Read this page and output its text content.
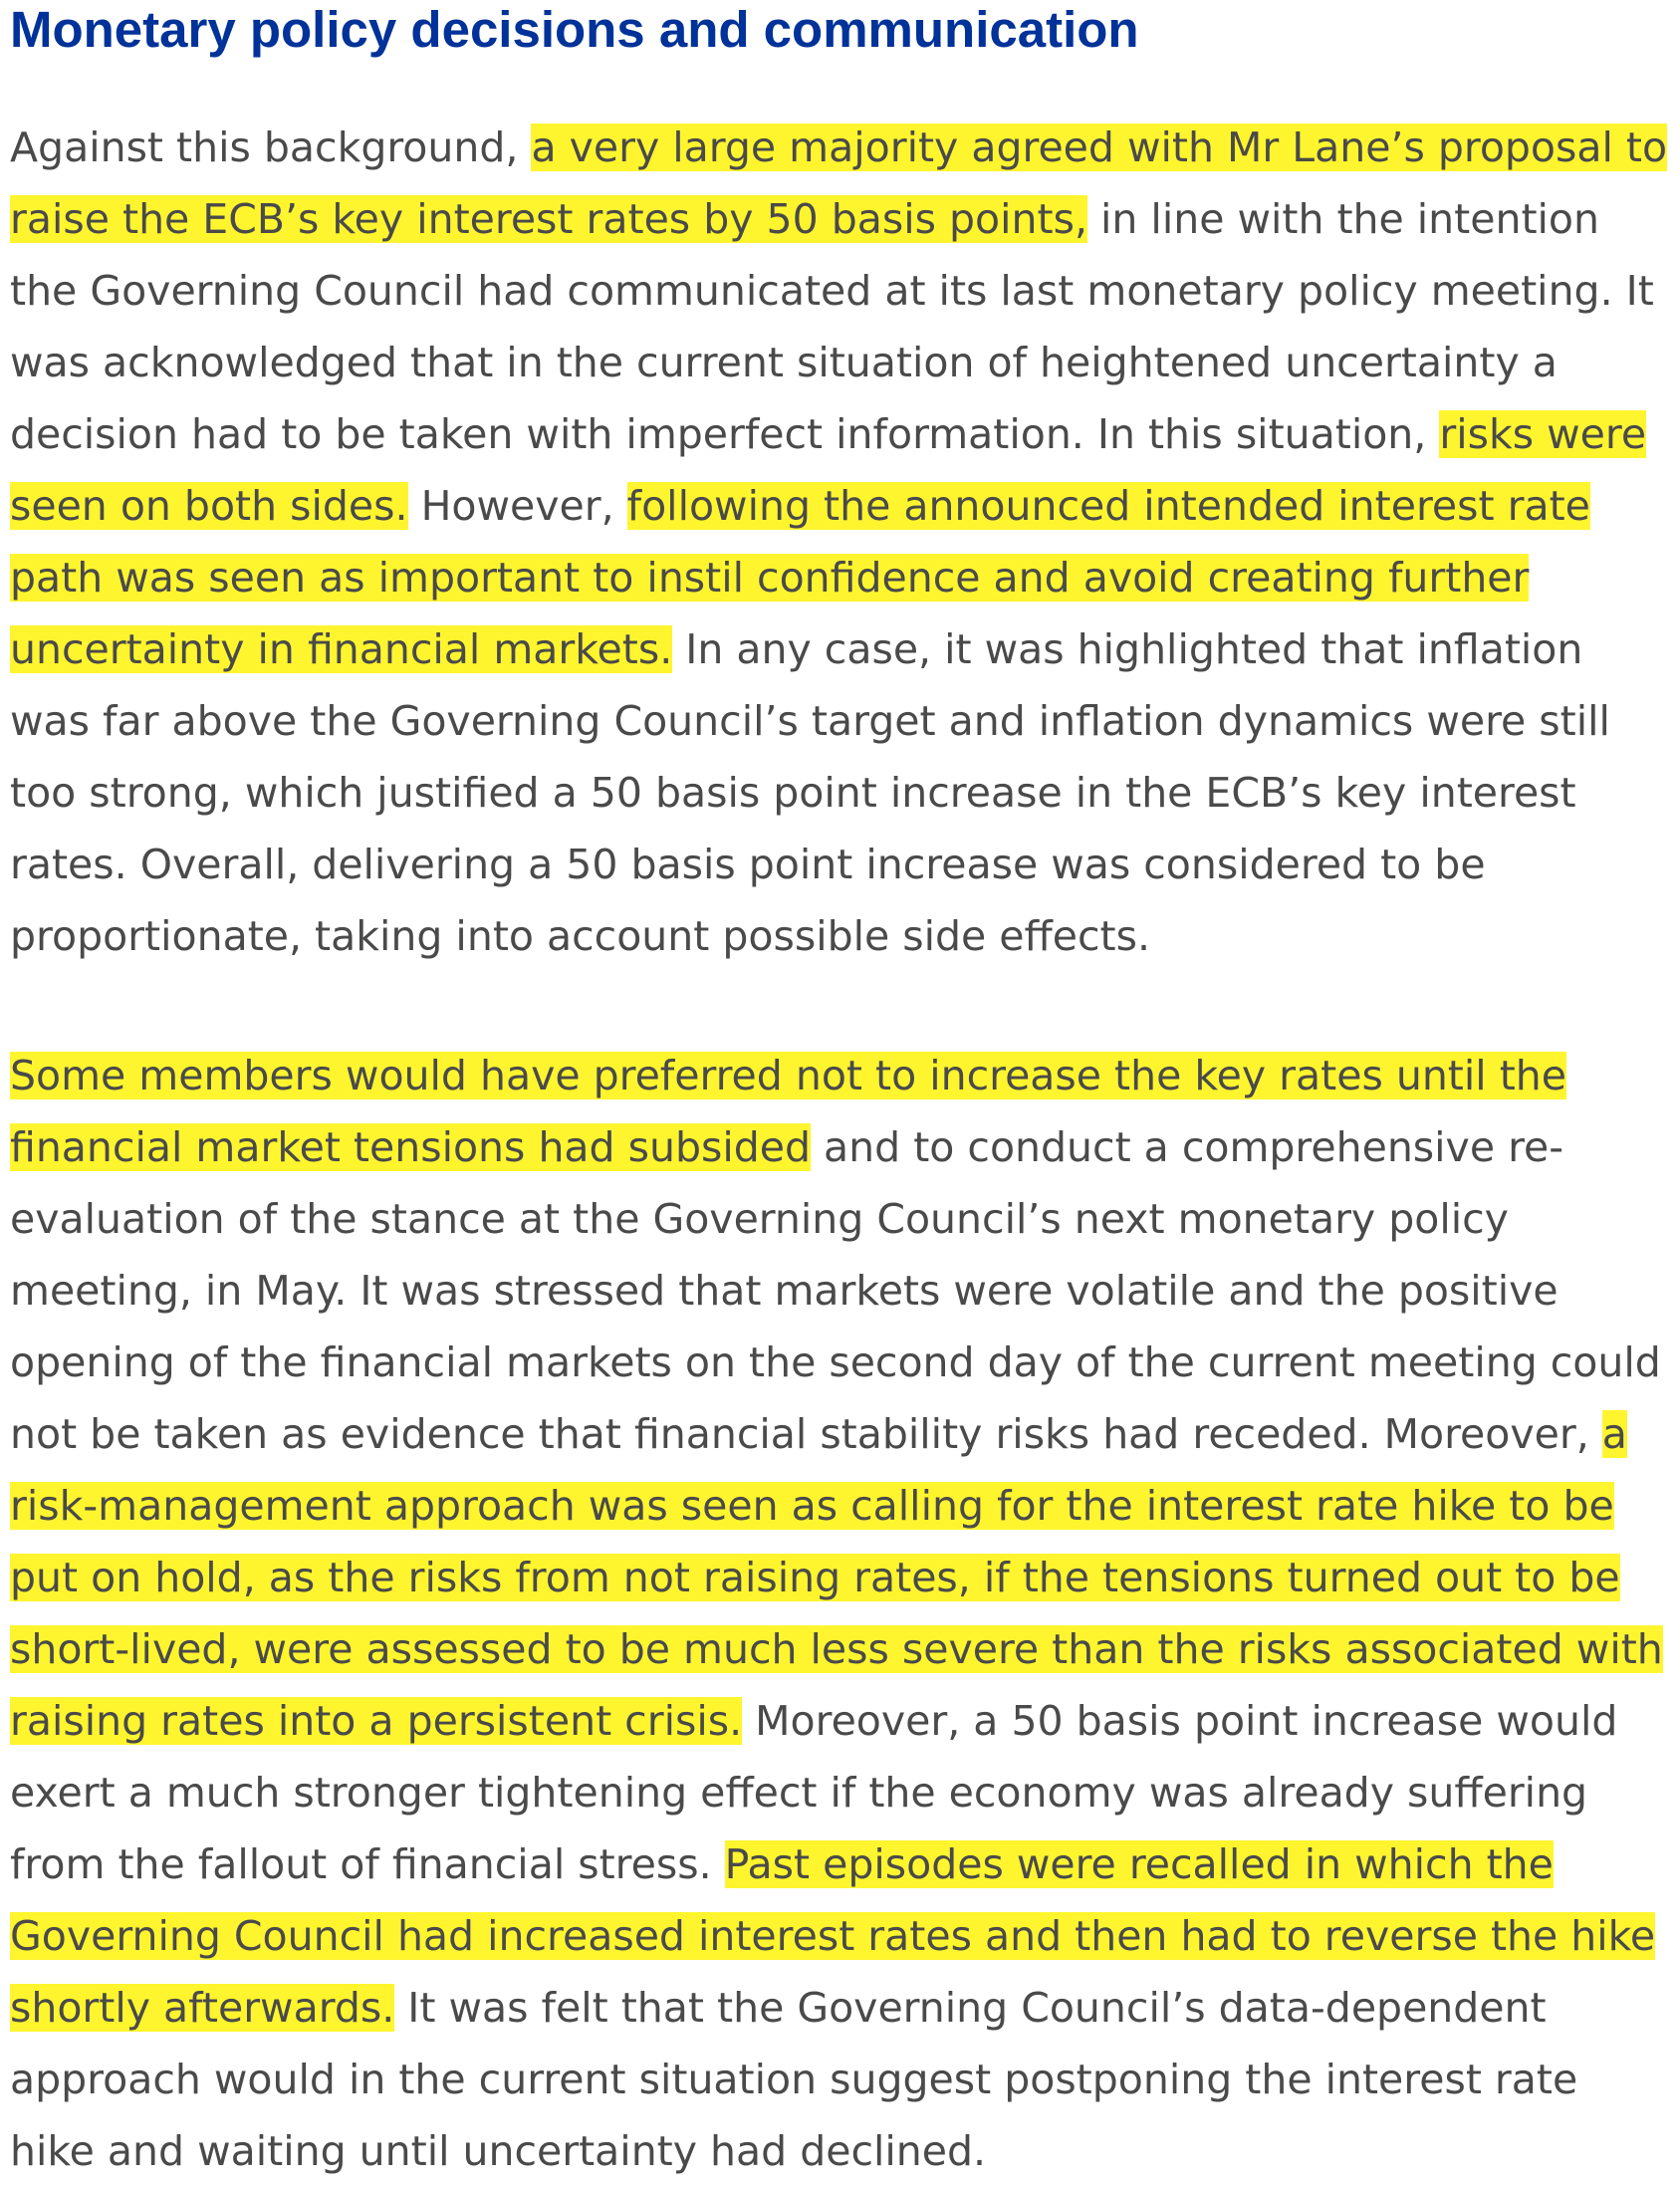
Monetary policy decisions and communication

Against this background, a very large majority agreed with Mr Lane’s proposal to raise the ECB’s key interest rates by 50 basis points, in line with the intention the Governing Council had communicated at its last monetary policy meeting. It was acknowledged that in the current situation of heightened uncertainty a decision had to be taken with imperfect information. In this situation, risks were seen on both sides. However, following the announced intended interest rate path was seen as important to instil confidence and avoid creating further uncertainty in financial markets. In any case, it was highlighted that inflation was far above the Governing Council’s target and inflation dynamics were still too strong, which justified a 50 basis point increase in the ECB’s key interest rates. Overall, delivering a 50 basis point increase was considered to be proportionate, taking into account possible side effects.

Some members would have preferred not to increase the key rates until the financial market tensions had subsided and to conduct a comprehensive re-evaluation of the stance at the Governing Council’s next monetary policy meeting, in May. It was stressed that markets were volatile and the positive opening of the financial markets on the second day of the current meeting could not be taken as evidence that financial stability risks had receded. Moreover, a risk-management approach was seen as calling for the interest rate hike to be put on hold, as the risks from not raising rates, if the tensions turned out to be short-lived, were assessed to be much less severe than the risks associated with raising rates into a persistent crisis. Moreover, a 50 basis point increase would exert a much stronger tightening effect if the economy was already suffering from the fallout of financial stress. Past episodes were recalled in which the Governing Council had increased interest rates and then had to reverse the hike shortly afterwards. It was felt that the Governing Council’s data-dependent approach would in the current situation suggest postponing the interest rate hike and waiting until uncertainty had declined.
